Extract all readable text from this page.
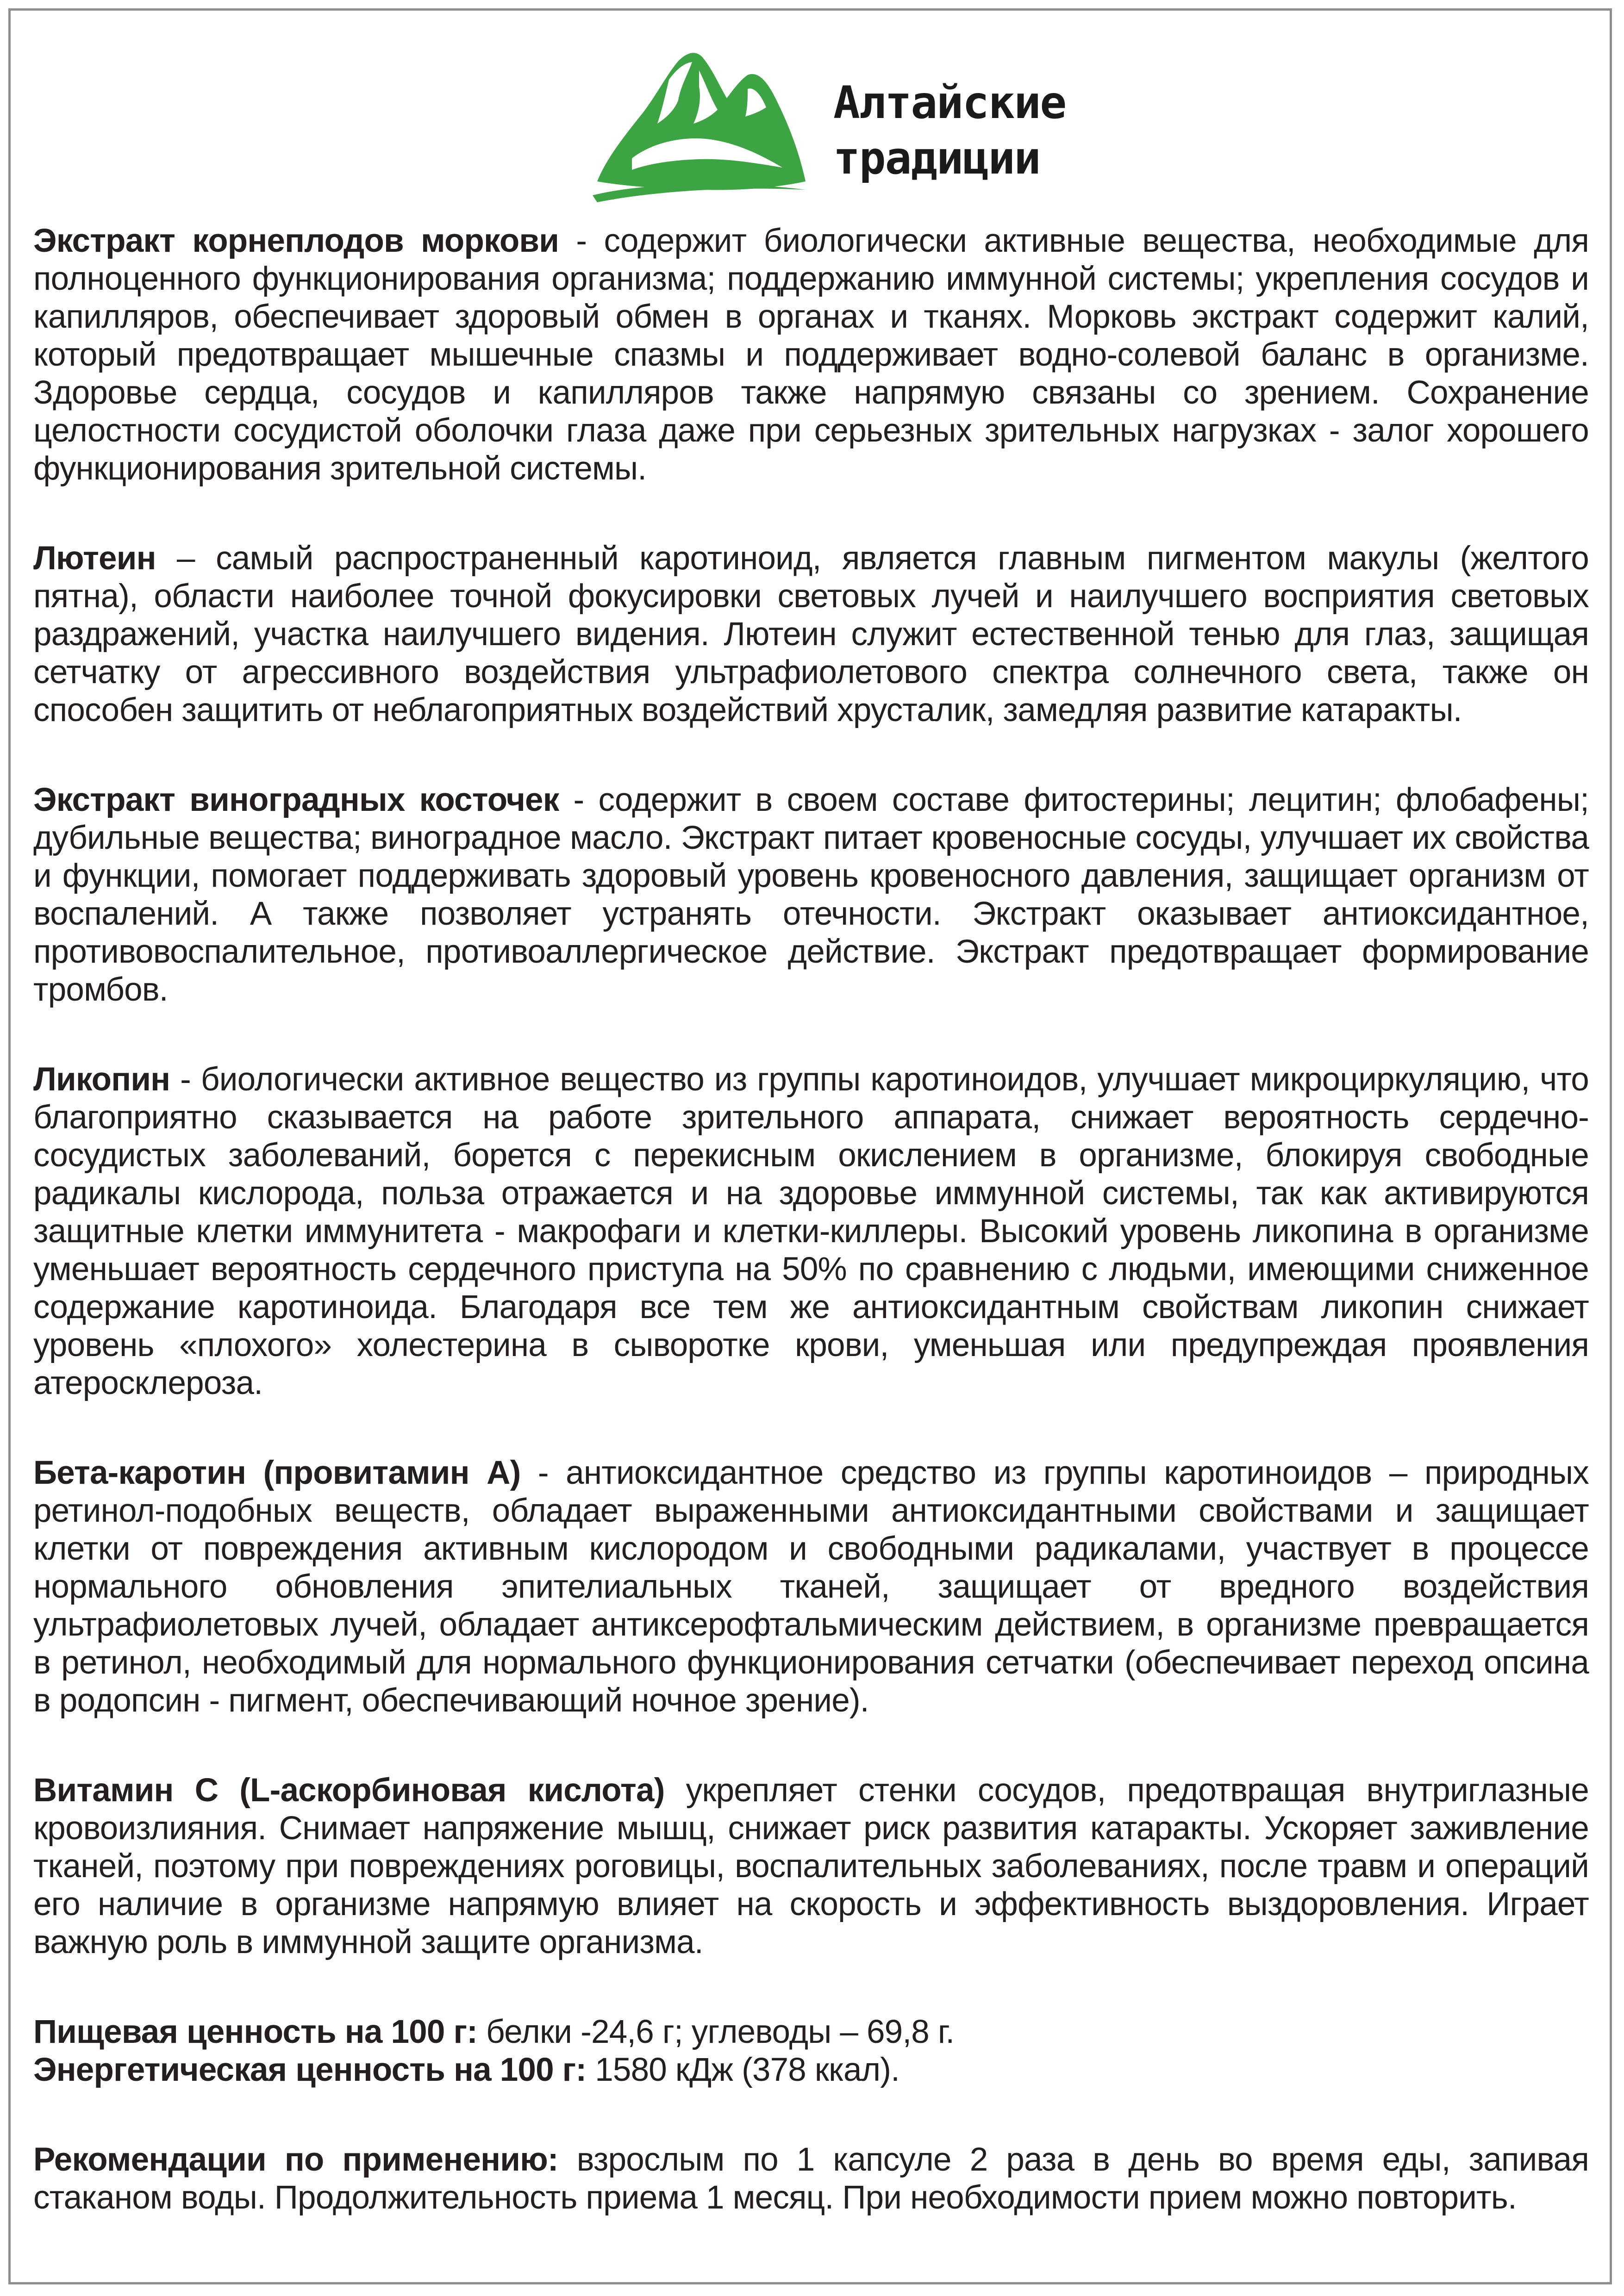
Алтайские
традиции

Экстракт корнеплодов моркови - содержит биологически активные вещества, необходимые для полноценного функционирования организма; поддержанию иммунной системы; укрепления сосудов и капилляров, обеспечивает здоровый обмен в органах и тканях. Морковь экстракт содержит калий, который предотвращает мышечные спазмы и поддерживает водно-солевой баланс в организме. Здоровье сердца, сосудов и капилляров также напрямую связаны со зрением. Сохранение целостности сосудистой оболочки глаза даже при серьезных зрительных нагрузках - залог хорошего функционирования зрительной системы.

Лютеин – самый распространенный каротиноид, является главным пигментом макулы (желтого пятна), области наиболее точной фокусировки световых лучей и наилучшего восприятия световых раздражений, участка наилучшего видения. Лютеин служит естественной тенью для глаз, защищая сетчатку от агрессивного воздействия ультрафиолетового спектра солнечного света, также он способен защитить от неблагоприятных воздействий хрусталик, замедляя развитие катаракты.

Экстракт виноградных косточек - содержит в своем составе фитостерины; лецитин; флобафены; дубильные вещества; виноградное масло. Экстракт питает кровеносные сосуды, улучшает их свойства и функции, помогает поддерживать здоровый уровень кровеносного давления, защищает организм от воспалений. А также позволяет устранять отечности. Экстракт оказывает антиоксидантное, противовоспалительное, противоаллергическое действие. Экстракт предотвращает формирование тромбов.

Ликопин - биологически активное вещество из группы каротиноидов, улучшает микроциркуляцию, что благоприятно сказывается на работе зрительного аппарата, снижает вероятность сердечно-сосудистых заболеваний, борется с перекисным окислением в организме, блокируя свободные радикалы кислорода, польза отражается и на здоровье иммунной системы, так как активируются защитные клетки иммунитета - макрофаги и клетки-киллеры. Высокий уровень ликопина в организме уменьшает вероятность сердечного приступа на 50% по сравнению с людьми, имеющими сниженное содержание каротиноида. Благодаря все тем же антиоксидантным свойствам ликопин снижает уровень «плохого» холестерина в сыворотке крови, уменьшая или предупреждая проявления атеросклероза.

Бета-каротин (провитамин А) - антиоксидантное средство из группы каротиноидов – природных ретинол-подобных веществ, обладает выраженными антиоксидантными свойствами и защищает клетки от повреждения активным кислородом и свободными радикалами, участвует в процессе нормального обновления эпителиальных тканей, защищает от вредного воздействия ультрафиолетовых лучей, обладает антиксерофтальмическим действием, в организме превращается в ретинол, необходимый для нормального функционирования сетчатки (обеспечивает переход опсина в родопсин - пигмент, обеспечивающий ночное зрение).

Витамин С (L-аскорбиновая кислота) укрепляет стенки сосудов, предотвращая внутриглазные кровоизлияния. Снимает напряжение мышц, снижает риск развития катаракты. Ускоряет заживление тканей, поэтому при повреждениях роговицы, воспалительных заболеваниях, после травм и операций его наличие в организме напрямую влияет на скорость и эффективность выздоровления. Играет важную роль в иммунной защите организма.

Пищевая ценность на 100 г: белки -24,6 г; углеводы – 69,8 г.

Энергетическая ценность на 100 г: 1580 кДж (378 ккал).

Рекомендации по применению: взрослым по 1 капсуле 2 раза в день во время еды, запивая стаканом воды. Продолжительность приема 1 месяц. При необходимости прием можно повторить.
